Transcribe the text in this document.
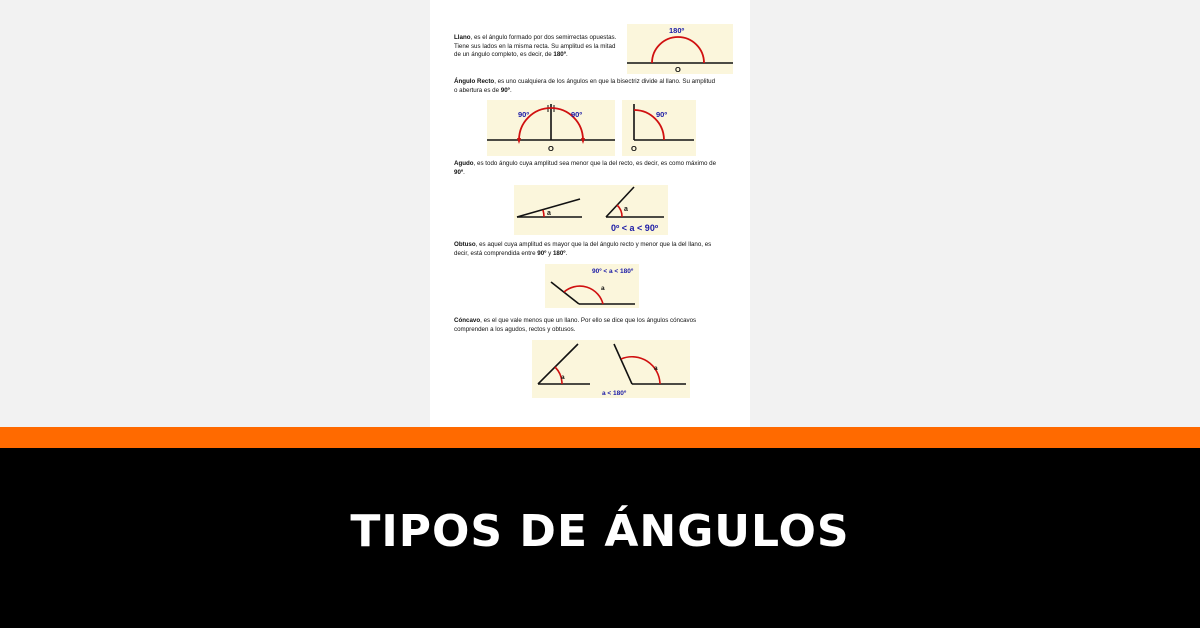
Llano, es el ángulo formado por dos semirrectas opuestas.
Tiene sus lados en la misma recta. Su amplitud es la mitad
de un ángulo completo, es decir, de 180º.

180º
O

Ángulo Recto, es uno cualquiera de los ángulos en que la bisectriz divide al llano. Su amplitud
o abertura es de 90º.

90º	90º
O
90º
O

Agudo, es todo ángulo cuya amplitud sea menor que la del recto, es decir, es como máximo de
90º.

a
a
0º < a < 90º

Obtuso, es aquel cuya amplitud es mayor que la del ángulo recto y menor que la del llano, es
decir, está comprendida entre 90º y 180º.

a
90º < a < 180º

Cóncavo, es el que vale menos que un llano. Por ello se dice que los ángulos cóncavos
comprenden a los agudos, rectos y obtusos.

a
a
a < 180º
TIPOS DE ÁNGULOS
